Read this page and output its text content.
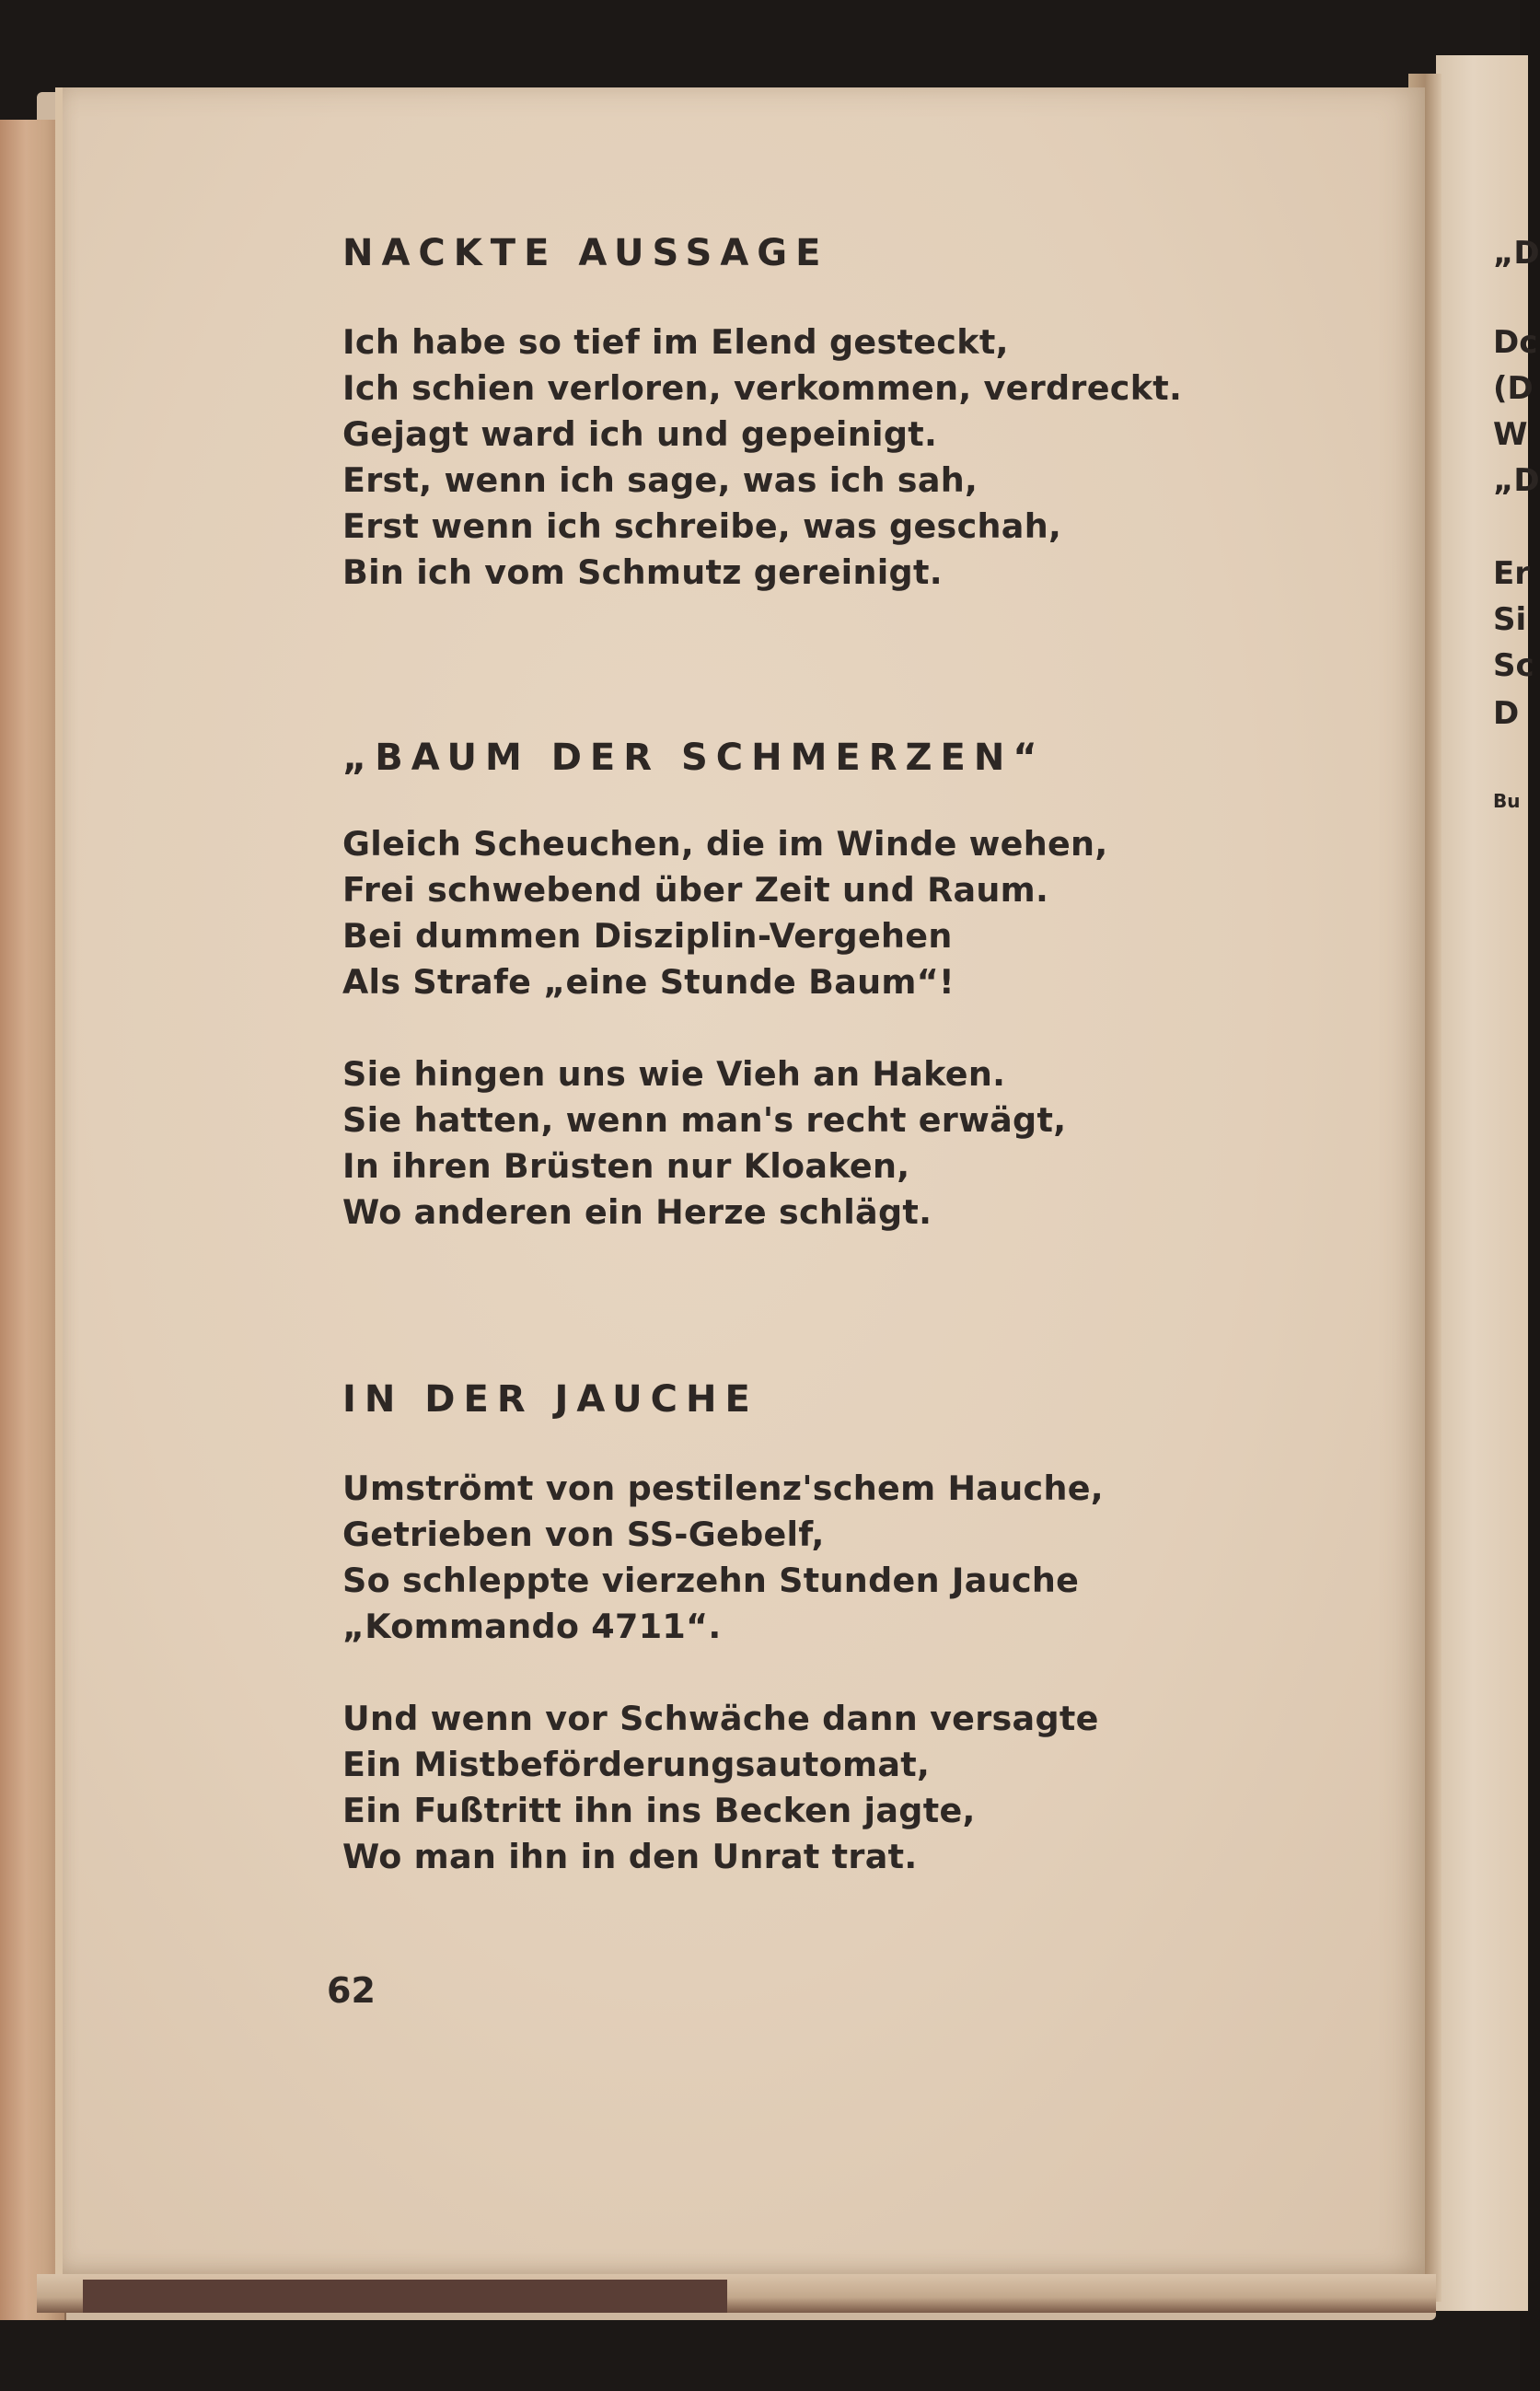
„D
Dc
(D
W
„D
Er
Si
Sc
D
Bu
NACKTE AUSSAGE
Ich habe so tief im Elend gesteckt,
Ich schien verloren, verkommen, verdreckt.
Gejagt ward ich und gepeinigt.
Erst, wenn ich sage, was ich sah,
Erst wenn ich schreibe, was geschah,
Bin ich vom Schmutz gereinigt.
„BAUM DER SCHMERZEN“
Gleich Scheuchen, die im Winde wehen,
Frei schwebend über Zeit und Raum.
Bei dummen Disziplin-Vergehen
Als Strafe „eine Stunde Baum“!
Sie hingen uns wie Vieh an Haken.
Sie hatten, wenn man's recht erwägt,
In ihren Brüsten nur Kloaken,
Wo anderen ein Herze schlägt.
IN DER JAUCHE
Umströmt von pestilenz'schem Hauche,
Getrieben von SS-Gebelf,
So schleppte vierzehn Stunden Jauche
„Kommando 4711“.
Und wenn vor Schwäche dann versagte
Ein Mistbeförderungsautomat,
Ein Fußtritt ihn ins Becken jagte,
Wo man ihn in den Unrat trat.
62
